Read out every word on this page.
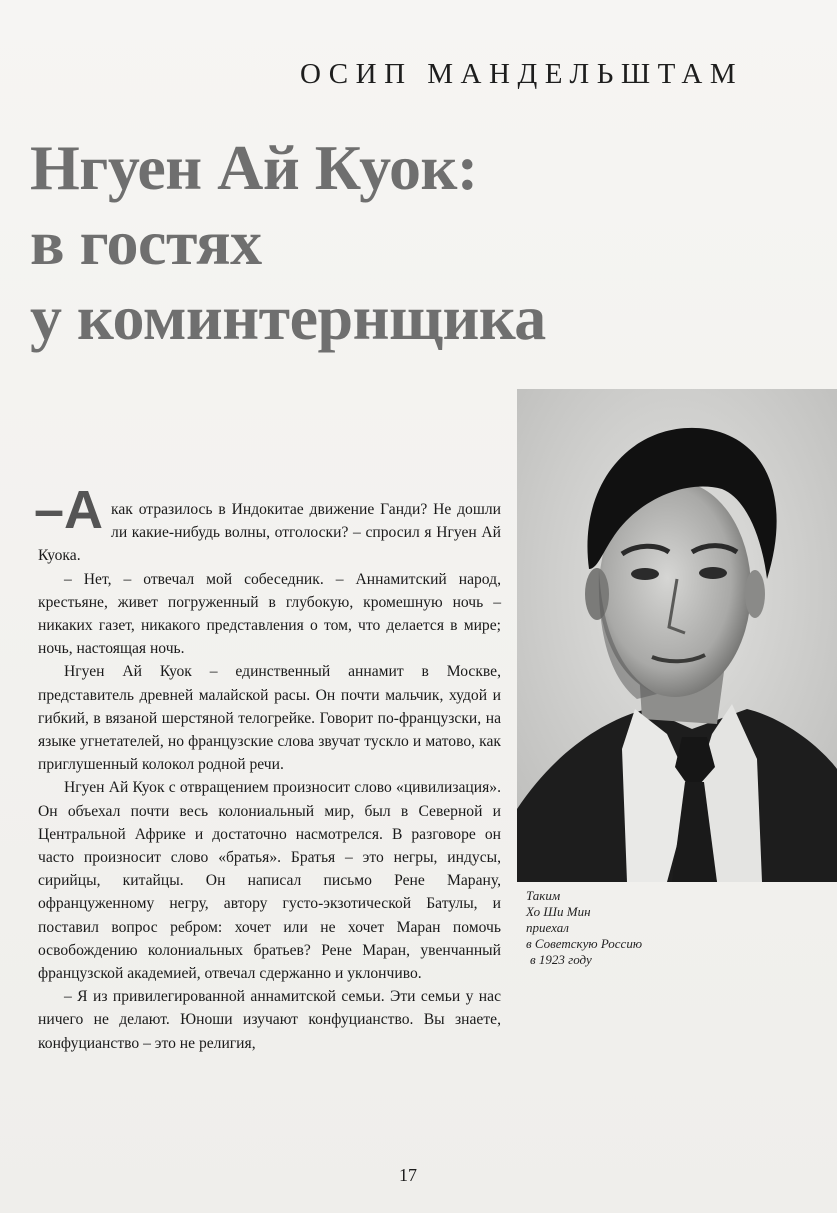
ОСИП МАНДЕЛЬШТАМ
Нгуен Ай Куок:
в гостях
у коминтернщика
Таким
Хо Ши Мин
приехал
в Советскую Россию
в 1923 году

–А как отразилось в Индокитае движение Ганди? Не дошли ли какие-нибудь волны, отголоски? – спросил я Нгуен Ай Куока.

– Нет, – отвечал мой собеседник. – Аннамитский народ, крестьяне, живет погруженный в глубокую, кромешную ночь – никаких газет, никакого представления о том, что делается в мире; ночь, настоящая ночь.

Нгуен Ай Куок – единственный аннамит в Москве, представитель древней малайской расы. Он почти мальчик, худой и гибкий, в вязаной шерстяной телогрейке. Говорит по-французски, на языке угнетателей, но французские слова звучат тускло и матово, как приглушенный колокол родной речи.

Нгуен Ай Куок с отвращением произносит слово «цивилизация». Он объехал почти весь колониальный мир, был в Северной и Центральной Африке и достаточно насмотрелся. В разговоре он часто произносит слово «братья». Братья – это негры, индусы, сирийцы, китайцы. Он написал письмо Рене Марану, офранцуженному негру, автору густо-экзотической Батулы, и поставил вопрос ребром: хочет или не хочет Маран помочь освобождению колониальных братьев? Рене Маран, увенчанный французской академией, отвечал сдержанно и уклончиво.

– Я из привилегированной аннамитской семьи. Эти семьи у нас ничего не делают. Юноши изучают конфуцианство. Вы знаете, конфуцианство – это не религия,

17
